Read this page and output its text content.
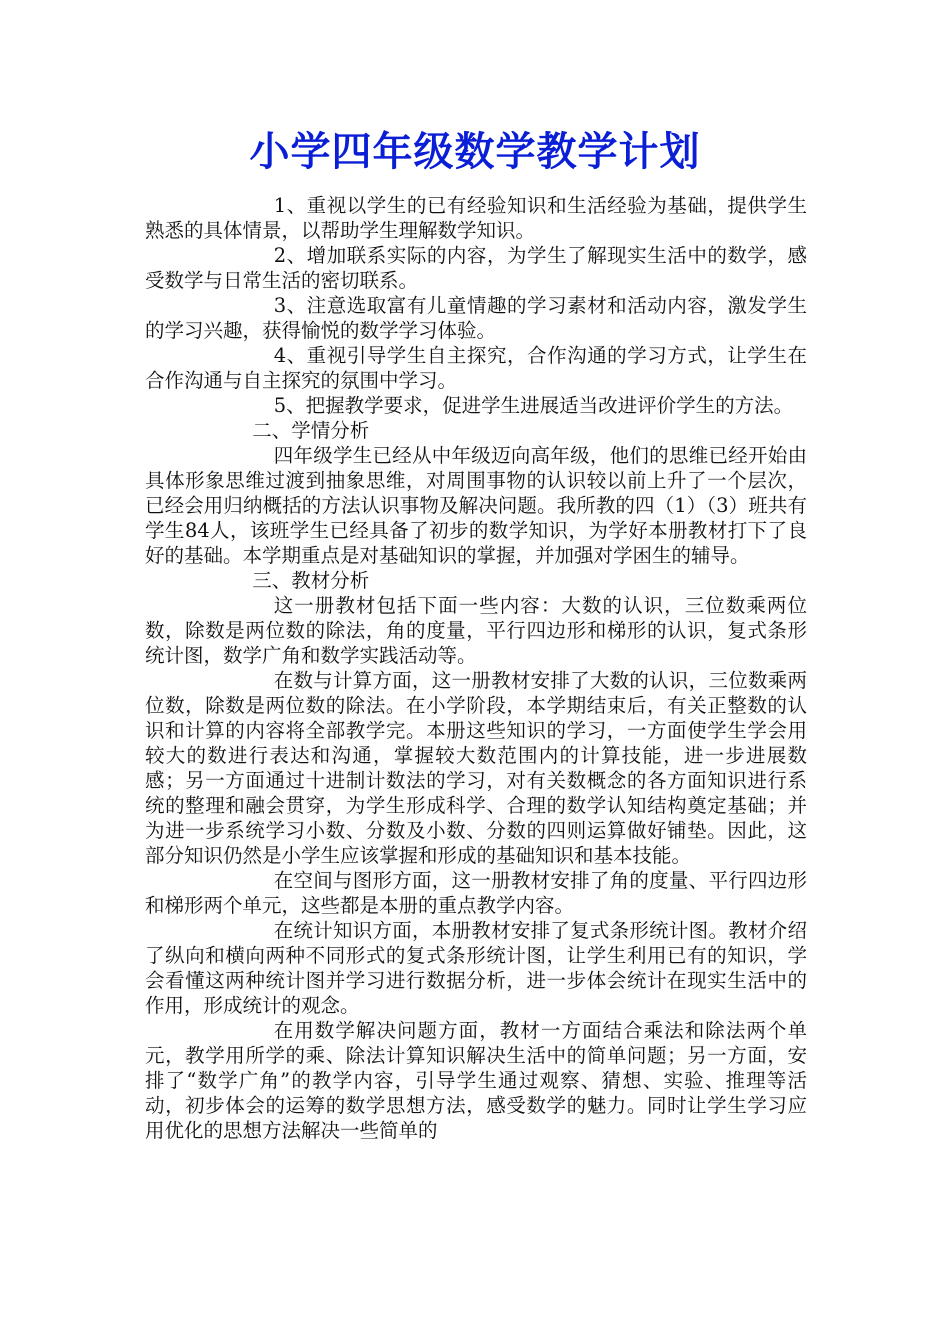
小学四年级数学教学计划

1、重视以学生的已有经验知识和生活经验为基础，提供学生熟悉的具体情景，以帮助学生理解数学知识。

2、增加联系实际的内容，为学生了解现实生活中的数学，感受数学与日常生活的密切联系。

3、注意选取富有儿童情趣的学习素材和活动内容，激发学生的学习兴趣，获得愉悦的数学学习体验。

4、重视引导学生自主探究，合作沟通的学习方式，让学生在合作沟通与自主探究的氛围中学习。

5、把握教学要求，促进学生进展适当改进评价学生的方法。

二、学情分析

四年级学生已经从中年级迈向高年级，他们的思维已经开始由具体形象思维过渡到抽象思维，对周围事物的认识较以前上升了一个层次，已经会用归纳概括的方法认识事物及解决问题。我所教的四（1）（3）班共有学生84人，该班学生已经具备了初步的数学知识，为学好本册教材打下了良好的基础。本学期重点是对基础知识的掌握，并加强对学困生的辅导。

三、教材分析

这一册教材包括下面一些内容：大数的认识，三位数乘两位数，除数是两位数的除法，角的度量，平行四边形和梯形的认识，复式条形统计图，数学广角和数学实践活动等。

在数与计算方面，这一册教材安排了大数的认识，三位数乘两位数，除数是两位数的除法。在小学阶段，本学期结束后，有关正整数的认识和计算的内容将全部教学完。本册这些知识的学习，一方面使学生学会用较大的数进行表达和沟通，掌握较大数范围内的计算技能，进一步进展数感；另一方面通过十进制计数法的学习，对有关数概念的各方面知识进行系统的整理和融会贯穿，为学生形成科学、合理的数学认知结构奠定基础；并为进一步系统学习小数、分数及小数、分数的四则运算做好铺垫。因此，这部分知识仍然是小学生应该掌握和形成的基础知识和基本技能。

在空间与图形方面，这一册教材安排了角的度量、平行四边形和梯形两个单元，这些都是本册的重点教学内容。

在统计知识方面，本册教材安排了复式条形统计图。教材介绍了纵向和横向两种不同形式的复式条形统计图，让学生利用已有的知识，学会看懂这两种统计图并学习进行数据分析，进一步体会统计在现实生活中的作用，形成统计的观念。

在用数学解决问题方面，教材一方面结合乘法和除法两个单元，教学用所学的乘、除法计算知识解决生活中的简单问题；另一方面，安排了“数学广角”的教学内容，引导学生通过观察、猜想、实验、推理等活动，初步体会的运筹的数学思想方法，感受数学的魅力。同时让学生学习应用优化的思想方法解决一些简单的
